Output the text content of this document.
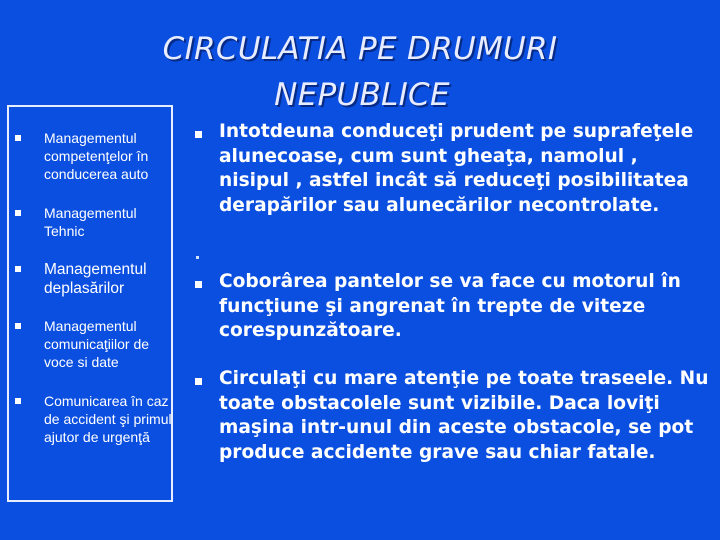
CIRCULATIA PE DRUMURI
NEPUBLICE
Managementul competenţelor în conducerea auto
Managementul Tehnic
Managementul deplasărilor
Managementul comunicaţiilor de voce si date
Comunicarea în caz de accident şi primul ajutor de urgenţă
Intotdeuna conduceţi prudent pe suprafeţele alunecoase, cum sunt gheaţa, namolul , nisipul , astfel incât să reduceţi posibilitatea derapărilor sau alunecărilor necontrolate.
Coborârea pantelor se va face cu motorul în funcţiune şi angrenat în trepte de viteze corespunzătoare.
Circulaţi cu mare atenţie pe toate traseele. Nu toate obstacolele sunt vizibile. Daca loviţi maşina intr-unul din aceste obstacole, se pot produce accidente grave sau chiar fatale.
